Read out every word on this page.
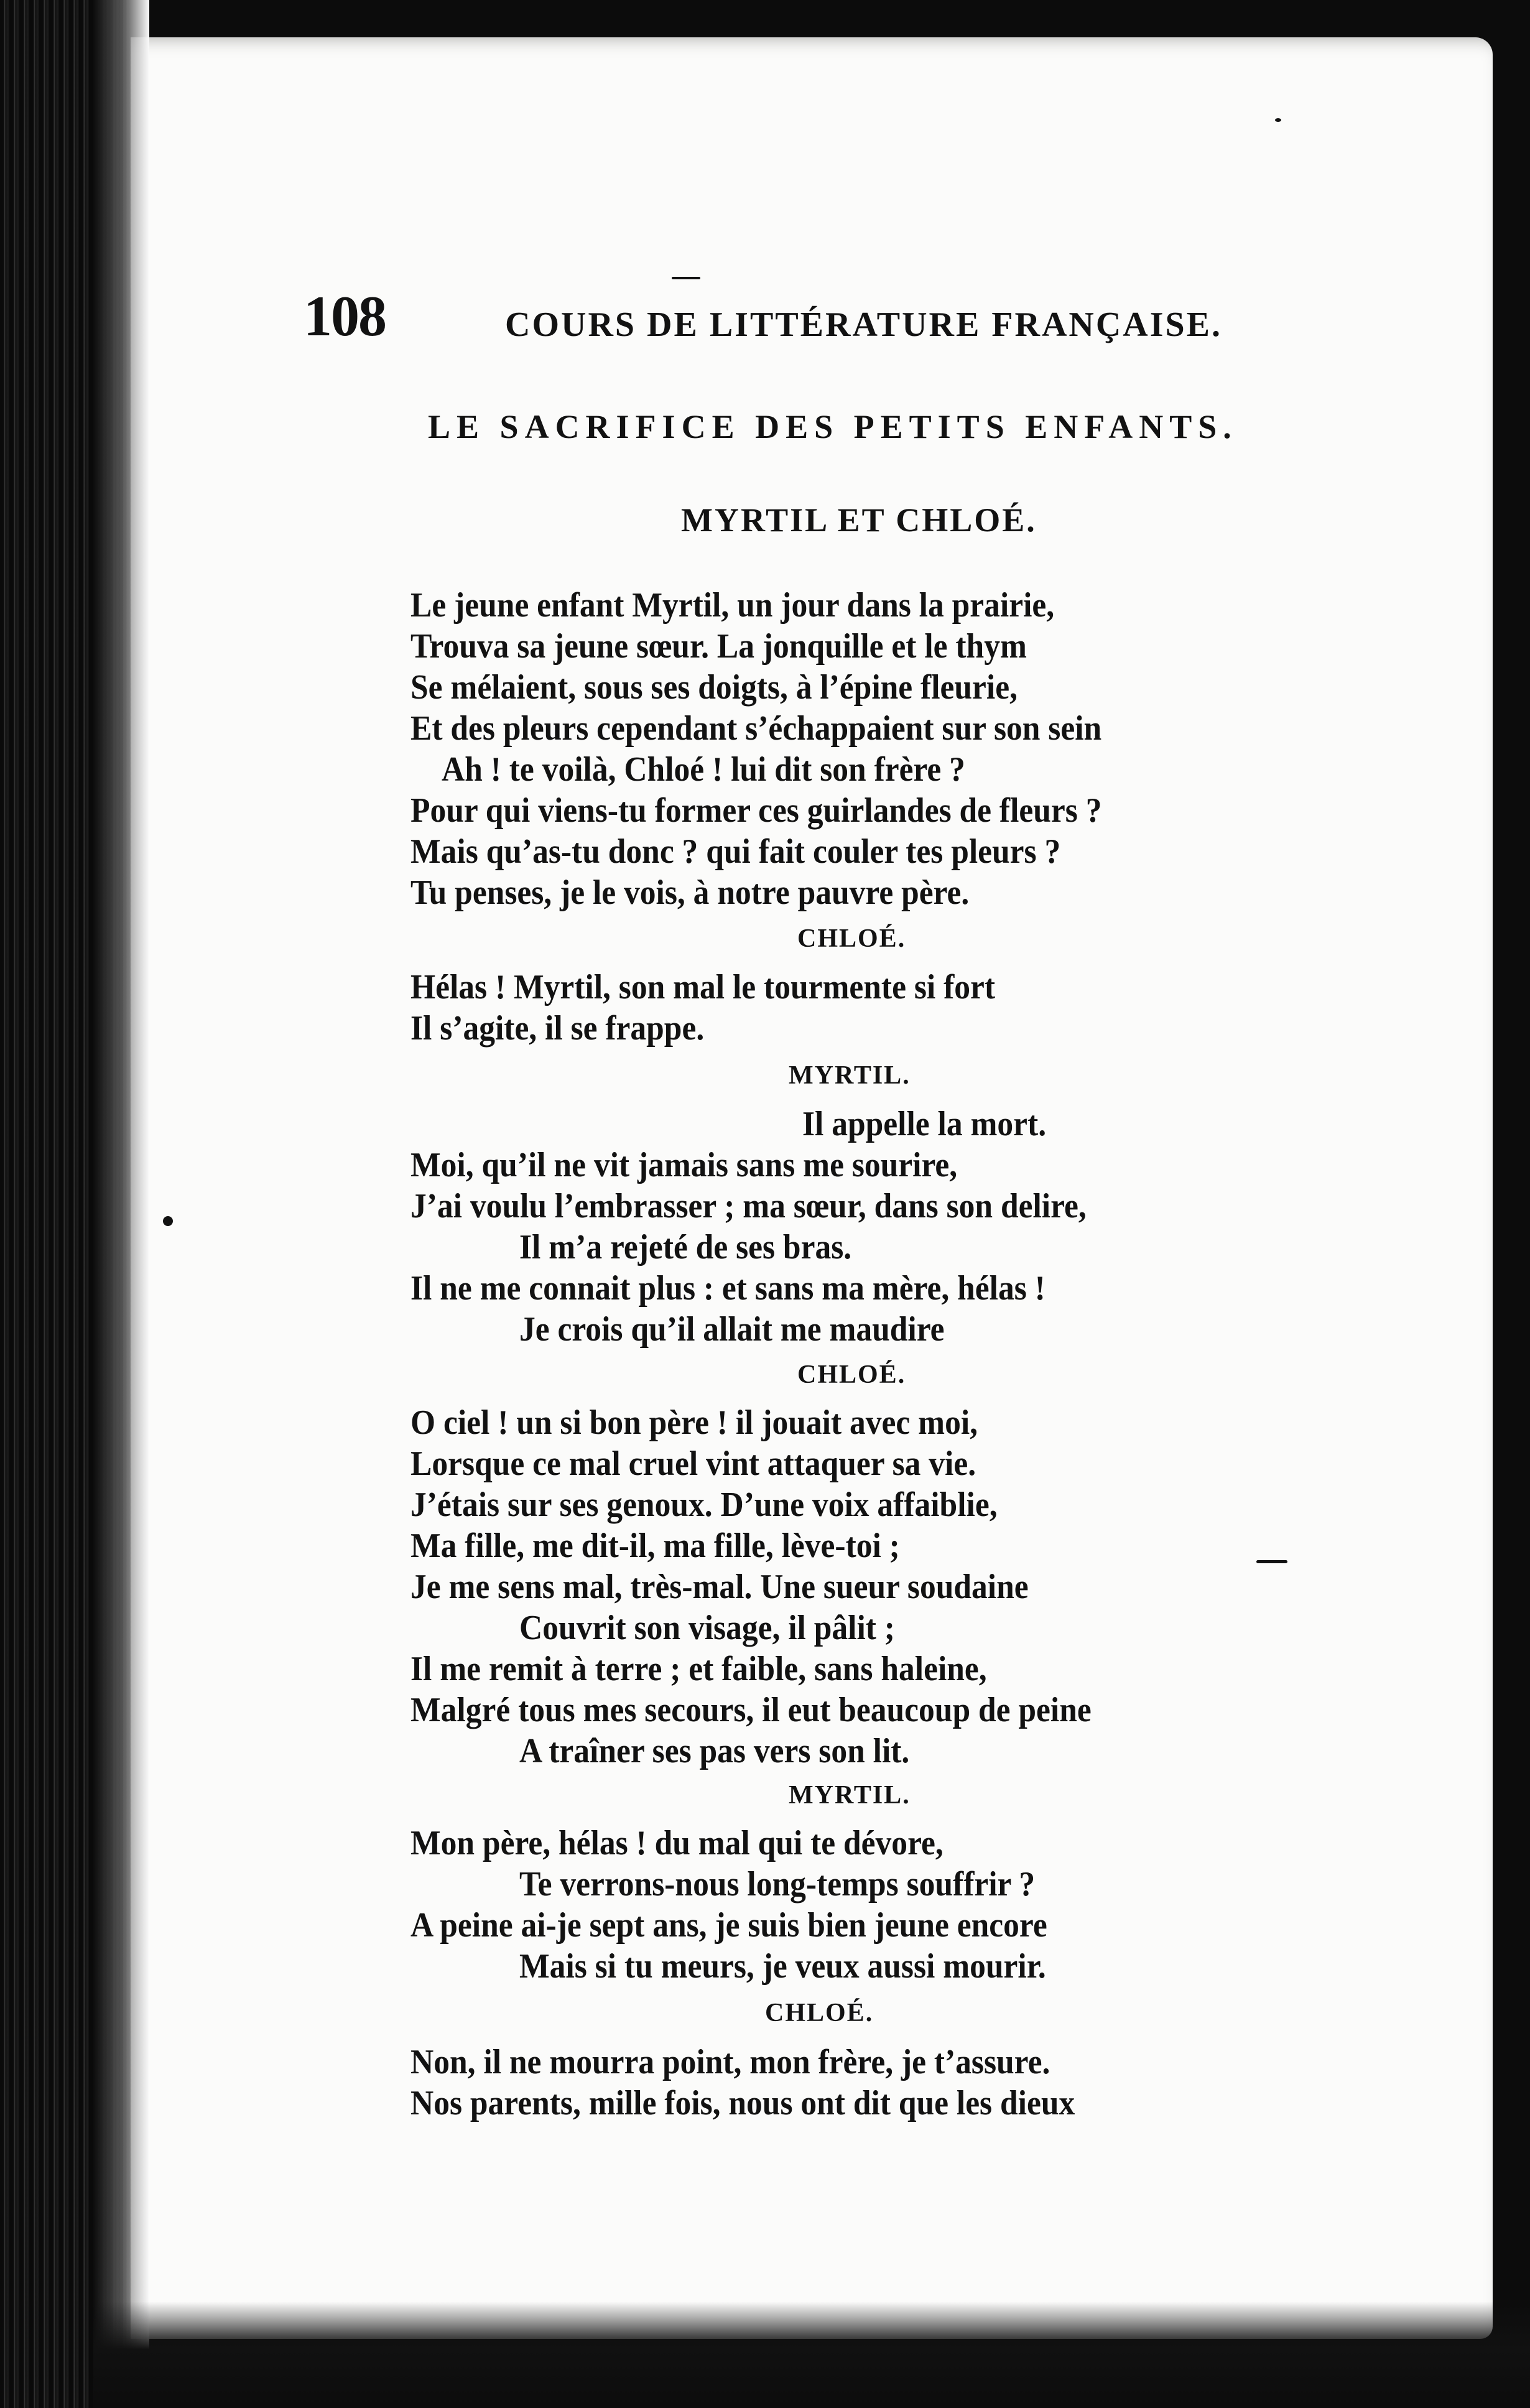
108	COURS DE LITTÉRATURE FRANÇAISE.
LE SACRIFICE DES PETITS ENFANTS.
MYRTIL ET CHLOÉ.
Le jeune enfant Myrtil, un jour dans la prairie,
Trouva sa jeune sœur. La jonquille et le thym
Se mélaient, sous ses doigts, à l’épine fleurie,
Et des pleurs cependant s’échappaient sur son sein
Ah ! te voilà, Chloé ! lui dit son frère ?
Pour qui viens-tu former ces guirlandes de fleurs ?
Mais qu’as-tu donc ? qui fait couler tes pleurs ?
Tu penses, je le vois, à notre pauvre père.
CHLOÉ.
Hélas ! Myrtil, son mal le tourmente si fort
Il s’agite, il se frappe.
MYRTIL.
Il appelle la mort.
Moi, qu’il ne vit jamais sans me sourire,
J’ai voulu l’embrasser ; ma sœur, dans son delire,
Il m’a rejeté de ses bras.
Il ne me connait plus : et sans ma mère, hélas !
Je crois qu’il allait me maudire
CHLOÉ.
O ciel ! un si bon père ! il jouait avec moi,
Lorsque ce mal cruel vint attaquer sa vie.
J’étais sur ses genoux. D’une voix affaiblie,
Ma fille, me dit-il, ma fille, lève-toi ;
Je me sens mal, très-mal. Une sueur soudaine
Couvrit son visage, il pâlit ;
Il me remit à terre ; et faible, sans haleine,
Malgré tous mes secours, il eut beaucoup de peine
A traîner ses pas vers son lit.
MYRTIL.
Mon père, hélas ! du mal qui te dévore,
Te verrons-nous long-temps souffrir ?
A peine ai-je sept ans, je suis bien jeune encore
Mais si tu meurs, je veux aussi mourir.
CHLOÉ.
Non, il ne mourra point, mon frère, je t’assure.
Nos parents, mille fois, nous ont dit que les dieux
